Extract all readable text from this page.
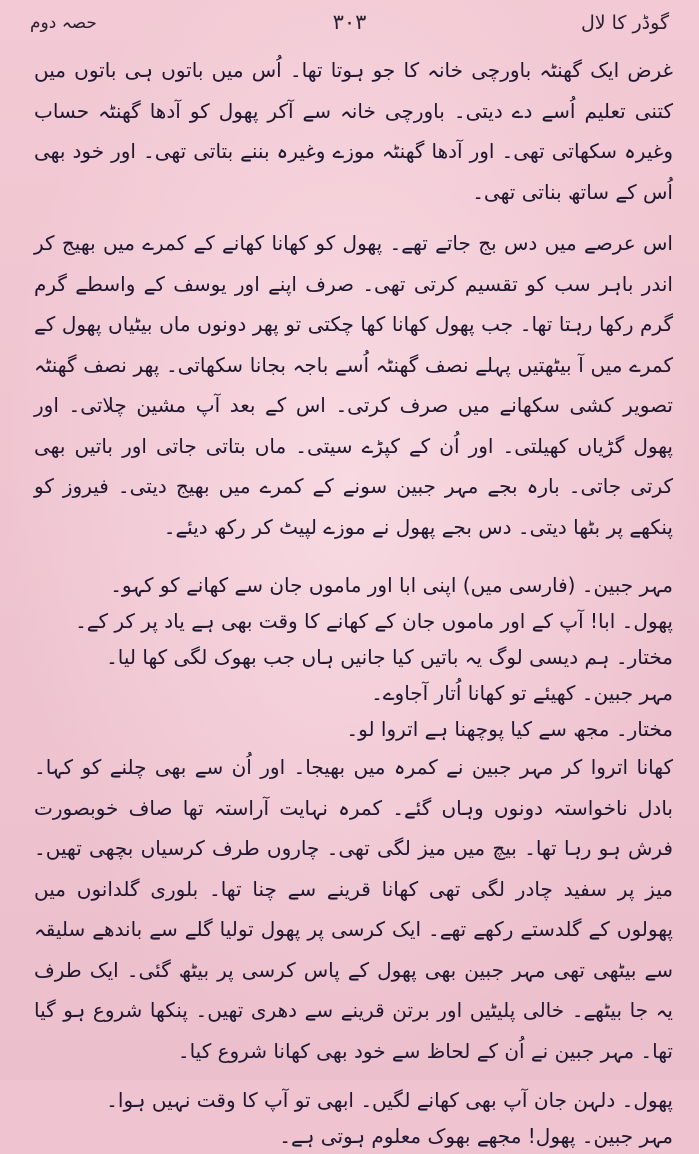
گوڈر کا لال
۳۰۳
حصہ دوم

غرض ایک گھنٹہ باورچی خانہ کا جو ہوتا تھا۔ اُس میں باتوں ہی باتوں میں کتنی تعلیم اُسے دے دیتی۔ باورچی خانہ سے آکر پھول کو آدھا گھنٹہ حساب وغیرہ سکھاتی تھی۔ اور آدھا گھنٹہ موزے وغیرہ بننے بتاتی تھی۔ اور خود بھی اُس کے ساتھ بناتی تھی۔

اس عرصے میں دس بج جاتے تھے۔ پھول کو کھانا کھانے کے کمرے میں بھیج کر اندر باہر سب کو تقسیم کرتی تھی۔ صرف اپنے اور یوسف کے واسطے گرم گرم رکھا رہتا تھا۔ جب پھول کھانا کھا چکتی تو پھر دونوں ماں بیٹیاں پھول کے کمرے میں آ بیٹھتیں پہلے نصف گھنٹہ اُسے باجہ بجانا سکھاتی۔ پھر نصف گھنٹہ تصویر کشی سکھانے میں صرف کرتی۔ اس کے بعد آپ مشین چلاتی۔ اور پھول گڑیاں کھیلتی۔ اور اُن کے کپڑے سیتی۔ ماں بتاتی جاتی اور باتیں بھی کرتی جاتی۔ بارہ بجے مہر جبین سونے کے کمرے میں بھیج دیتی۔ فیروز کو پنکھے پر بٹھا دیتی۔ دس بجے پھول نے موزے لپیٹ کر رکھ دیئے۔

مہر جبین۔ (فارسی میں) اپنی ابا اور ماموں جان سے کھانے کو کہو۔

پھول۔ ابا! آپ کے اور ماموں جان کے کھانے کا وقت بھی ہے یاد پر کر کے۔

مختار۔ ہم دیسی لوگ یہ باتیں کیا جانیں ہاں جب بھوک لگی کھا لیا۔

مہر جبین۔ کھیئے تو کھانا اُتار آجاوے۔

مختار۔ مجھ سے کیا پوچھنا ہے اتروا لو۔

کھانا اتروا کر مہر جبین نے کمرہ میں بھیجا۔ اور اُن سے بھی چلنے کو کہا۔ بادل ناخواستہ دونوں وہاں گئے۔ کمرہ نہایت آراستہ تھا صاف خوبصورت فرش ہو رہا تھا۔ بیچ میں میز لگی تھی۔ چاروں طرف کرسیاں بچھی تھیں۔ میز پر سفید چادر لگی تھی کھانا قرینے سے چنا تھا۔ بلوری گلدانوں میں پھولوں کے گلدستے رکھے تھے۔ ایک کرسی پر پھول تولیا گلے سے باندھے سلیقہ سے بیٹھی تھی مہر جبین بھی پھول کے پاس کرسی پر بیٹھ گئی۔ ایک طرف یہ جا بیٹھے۔ خالی پلیٹیں اور برتن قرینے سے دھری تھیں۔ پنکھا شروع ہو گیا تھا۔ مہر جبین نے اُن کے لحاظ سے خود بھی کھانا شروع کیا۔

پھول۔ دلہن جان آپ بھی کھانے لگیں۔ ابھی تو آپ کا وقت نہیں ہوا۔

مہر جبین۔ پھول! مجھے بھوک معلوم ہوتی ہے۔
